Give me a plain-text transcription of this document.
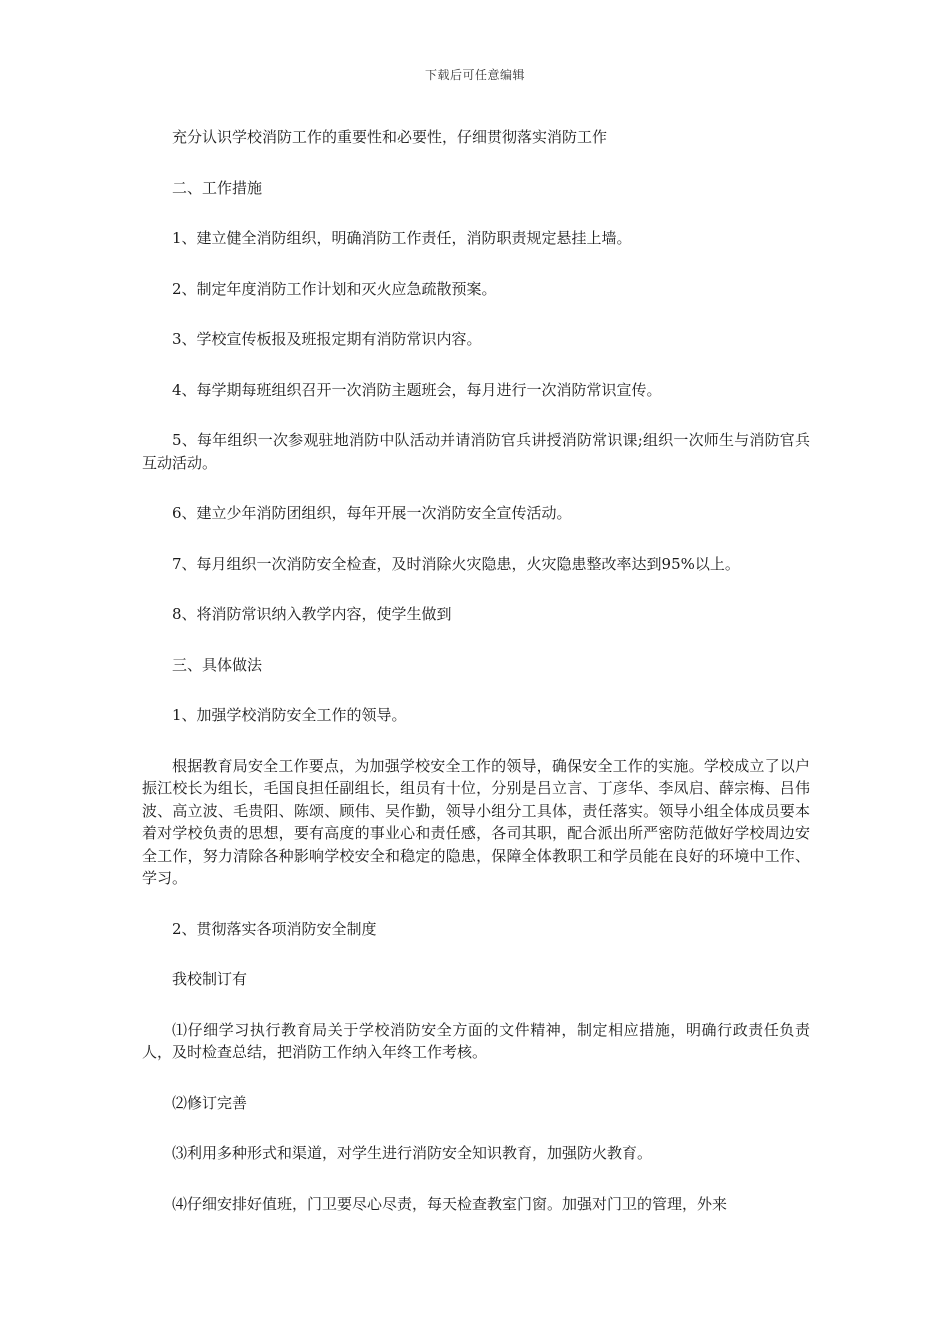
下载后可任意编辑

充分认识学校消防工作的重要性和必要性，仔细贯彻落实消防工作

二、工作措施

1、建立健全消防组织，明确消防工作责任，消防职责规定悬挂上墙。

2、制定年度消防工作计划和灭火应急疏散预案。

3、学校宣传板报及班报定期有消防常识内容。

4、每学期每班组织召开一次消防主题班会，每月进行一次消防常识宣传。

5、每年组织一次参观驻地消防中队活动并请消防官兵讲授消防常识课;组织一次师生与消防官兵互动活动。

6、建立少年消防团组织，每年开展一次消防安全宣传活动。

7、每月组织一次消防安全检查，及时消除火灾隐患，火灾隐患整改率达到95%以上。

8、将消防常识纳入教学内容，使学生做到

三、具体做法

1、加强学校消防安全工作的领导。

根据教育局安全工作要点，为加强学校安全工作的领导，确保安全工作的实施。学校成立了以户振江校长为组长，毛国良担任副组长，组员有十位，分别是吕立言、丁彦华、李凤启、薛宗梅、吕伟波、高立波、毛贵阳、陈颂、顾伟、吴作勤，领导小组分工具体，责任落实。领导小组全体成员要本着对学校负责的思想，要有高度的事业心和责任感，各司其职，配合派出所严密防范做好学校周边安全工作，努力清除各种影响学校安全和稳定的隐患，保障全体教职工和学员能在良好的环境中工作、学习。

2、贯彻落实各项消防安全制度

我校制订有

⑴仔细学习执行教育局关于学校消防安全方面的文件精神，制定相应措施，明确行政责任负责人，及时检查总结，把消防工作纳入年终工作考核。

⑵修订完善

⑶利用多种形式和渠道，对学生进行消防安全知识教育，加强防火教育。

⑷仔细安排好值班，门卫要尽心尽责，每天检查教室门窗。加强对门卫的管理，外来
